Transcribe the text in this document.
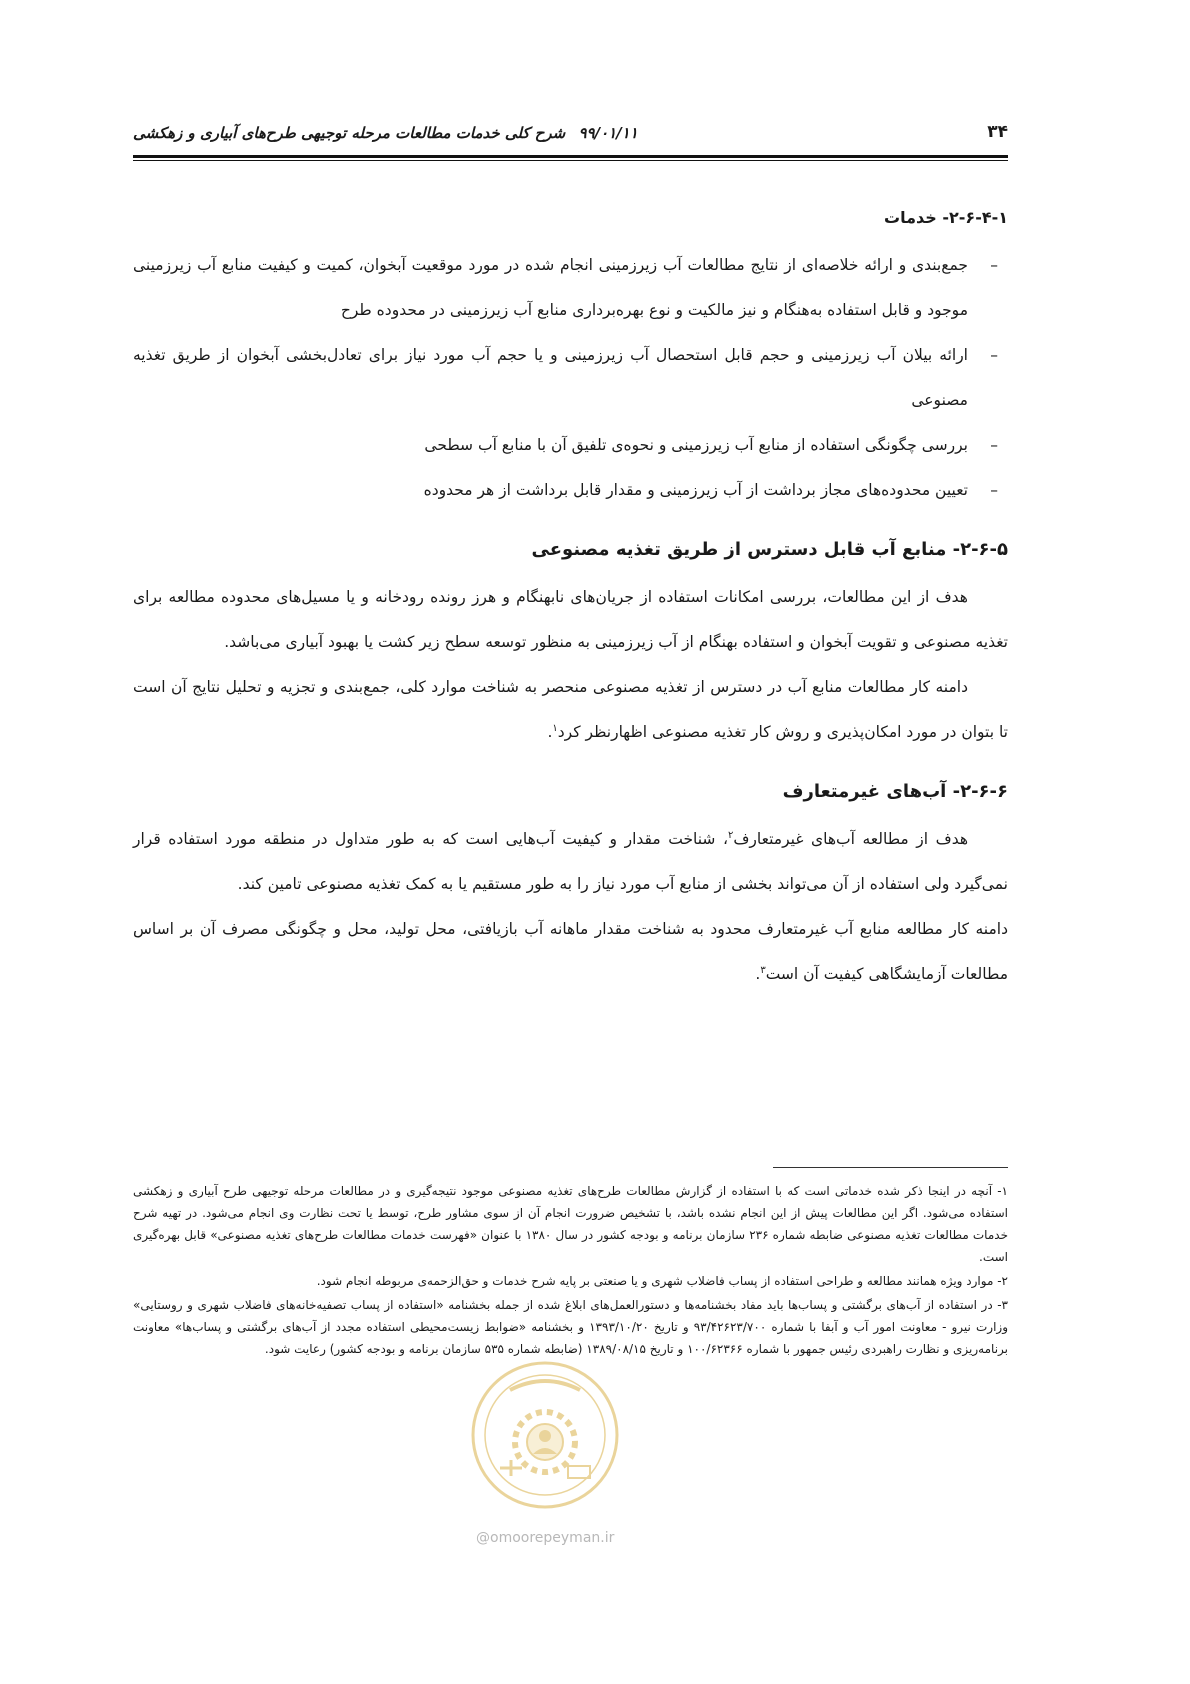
۳۴
۹۹/۰۱/۱۱ شرح کلی خدمات مطالعات مرحله توجیهی طرح‌های آبیاری و زهکشی
۲-۶-۴-۱- خدمات
–
جمع‌بندی و ارائه خلاصه‌ای از نتایج مطالعات آب زیرزمینی انجام شده در مورد موقعیت آبخوان، کمیت و کیفیت منابع آب زیرزمینی موجود و قابل استفاده به‌هنگام و نیز مالکیت و نوع بهره‌برداری منابع آب زیرزمینی در محدوده طرح
–
ارائه بیلان آب زیرزمینی و حجم قابل استحصال آب زیرزمینی و یا حجم آب مورد نیاز برای تعادل‌بخشی آبخوان از طریق تغذیه مصنوعی
–
بررسی چگونگی استفاده از منابع آب زیرزمینی و نحوه‌ی تلفیق آن با منابع آب سطحی
–
تعیین محدوده‌های مجاز برداشت از آب زیرزمینی و مقدار قابل برداشت از هر محدوده
۲-۶-۵- منابع آب قابل دسترس از طریق تغذیه مصنوعی

هدف از این مطالعات، بررسی امکانات استفاده از جریان‌های نابهنگام و هرز رونده رودخانه و یا مسیل‌های محدوده مطالعه برای تغذیه مصنوعی و تقویت آبخوان و استفاده بهنگام از آب زیرزمینی به منظور توسعه سطح زیر کشت یا بهبود آبیاری می‌باشد.

دامنه کار مطالعات منابع آب در دسترس از تغذیه مصنوعی منحصر به شناخت موارد کلی، جمع‌بندی و تجزیه و تحلیل نتایج آن است تا بتوان در مورد امکان‌پذیری و روش کار تغذیه مصنوعی اظهارنظر کرد$^۱$.

۲-۶-۶- آب‌های غیرمتعارف

هدف از مطالعه آب‌های غیرمتعارف$^۲$، شناخت مقدار و کیفیت آب‌هایی است که به طور متداول در منطقه مورد استفاده قرار نمی‌گیرد ولی استفاده از آن می‌تواند بخشی از منابع آب مورد نیاز را به طور مستقیم یا به کمک تغذیه مصنوعی تامین کند.

دامنه کار مطالعه منابع آب غیرمتعارف محدود به شناخت مقدار ماهانه آب بازیافتی، محل تولید، محل و چگونگی مصرف آن بر اساس مطالعات آزمایشگاهی کیفیت آن است$^۳$.

۱- آنچه در اینجا ذکر شده خدماتی است که با استفاده از گزارش مطالعات طرح‌های تغذیه مصنوعی موجود نتیجه‌گیری و در مطالعات مرحله توجیهی طرح آبیاری و زهکشی استفاده می‌شود. اگر این مطالعات پیش از این انجام نشده باشد، با تشخیص ضرورت انجام آن از سوی مشاور طرح، توسط یا تحت نظارت وی انجام می‌شود. در تهیه شرح خدمات مطالعات تغذیه مصنوعی ضابطه شماره ۲۳۶ سازمان برنامه و بودجه کشور در سال ۱۳۸۰ با عنوان «فهرست خدمات مطالعات طرح‌های تغذیه مصنوعی» قابل بهره‌گیری است.

۲- موارد ویژه همانند مطالعه و طراحی استفاده از پساب فاضلاب شهری و یا صنعتی بر پایه شرح خدمات و حق‌الزحمه‌ی مربوطه انجام شود.

۳- در استفاده از آب‌های برگشتی و پساب‌ها باید مفاد بخشنامه‌ها و دستورالعمل‌های ابلاغ شده از جمله بخشنامه «استفاده از پساب تصفیه‌خانه‌های فاضلاب شهری و روستایی» وزارت نیرو - معاونت امور آب و آبفا با شماره ۹۳/۴۲۶۲۳/۷۰۰ و تاریخ ۱۳۹۳/۱۰/۲۰ و بخشنامه «ضوابط زیست‌محیطی استفاده مجدد از آب‌های برگشتی و پساب‌ها» معاونت برنامه‌ریزی و نظارت راهبردی رئیس جمهور با شماره ۱۰۰/۶۲۳۶۶ و تاریخ ۱۳۸۹/۰۸/۱۵ (ضابطه شماره ۵۳۵ سازمان برنامه و بودجه کشور) رعایت شود.

@omoorepeyman.ir
